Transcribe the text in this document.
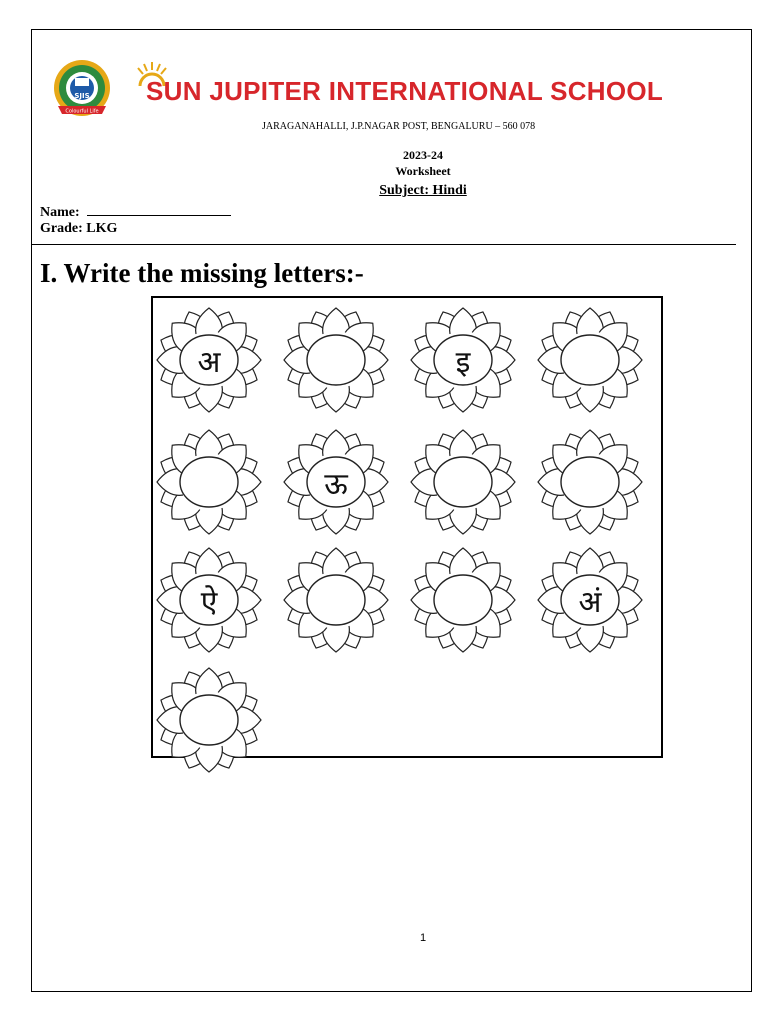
SJIS
Colourful Life
SUN JUPITER INTERNATIONAL SCHOOL
JARAGANAHALLI, J.P.NAGAR POST, BENGALURU – 560 078
2023-24
Worksheet
Subject: Hindi
Name:
Grade: LKG
I. Write the missing letters:-
अ	इ
ऊ
ऐ	अं
1
